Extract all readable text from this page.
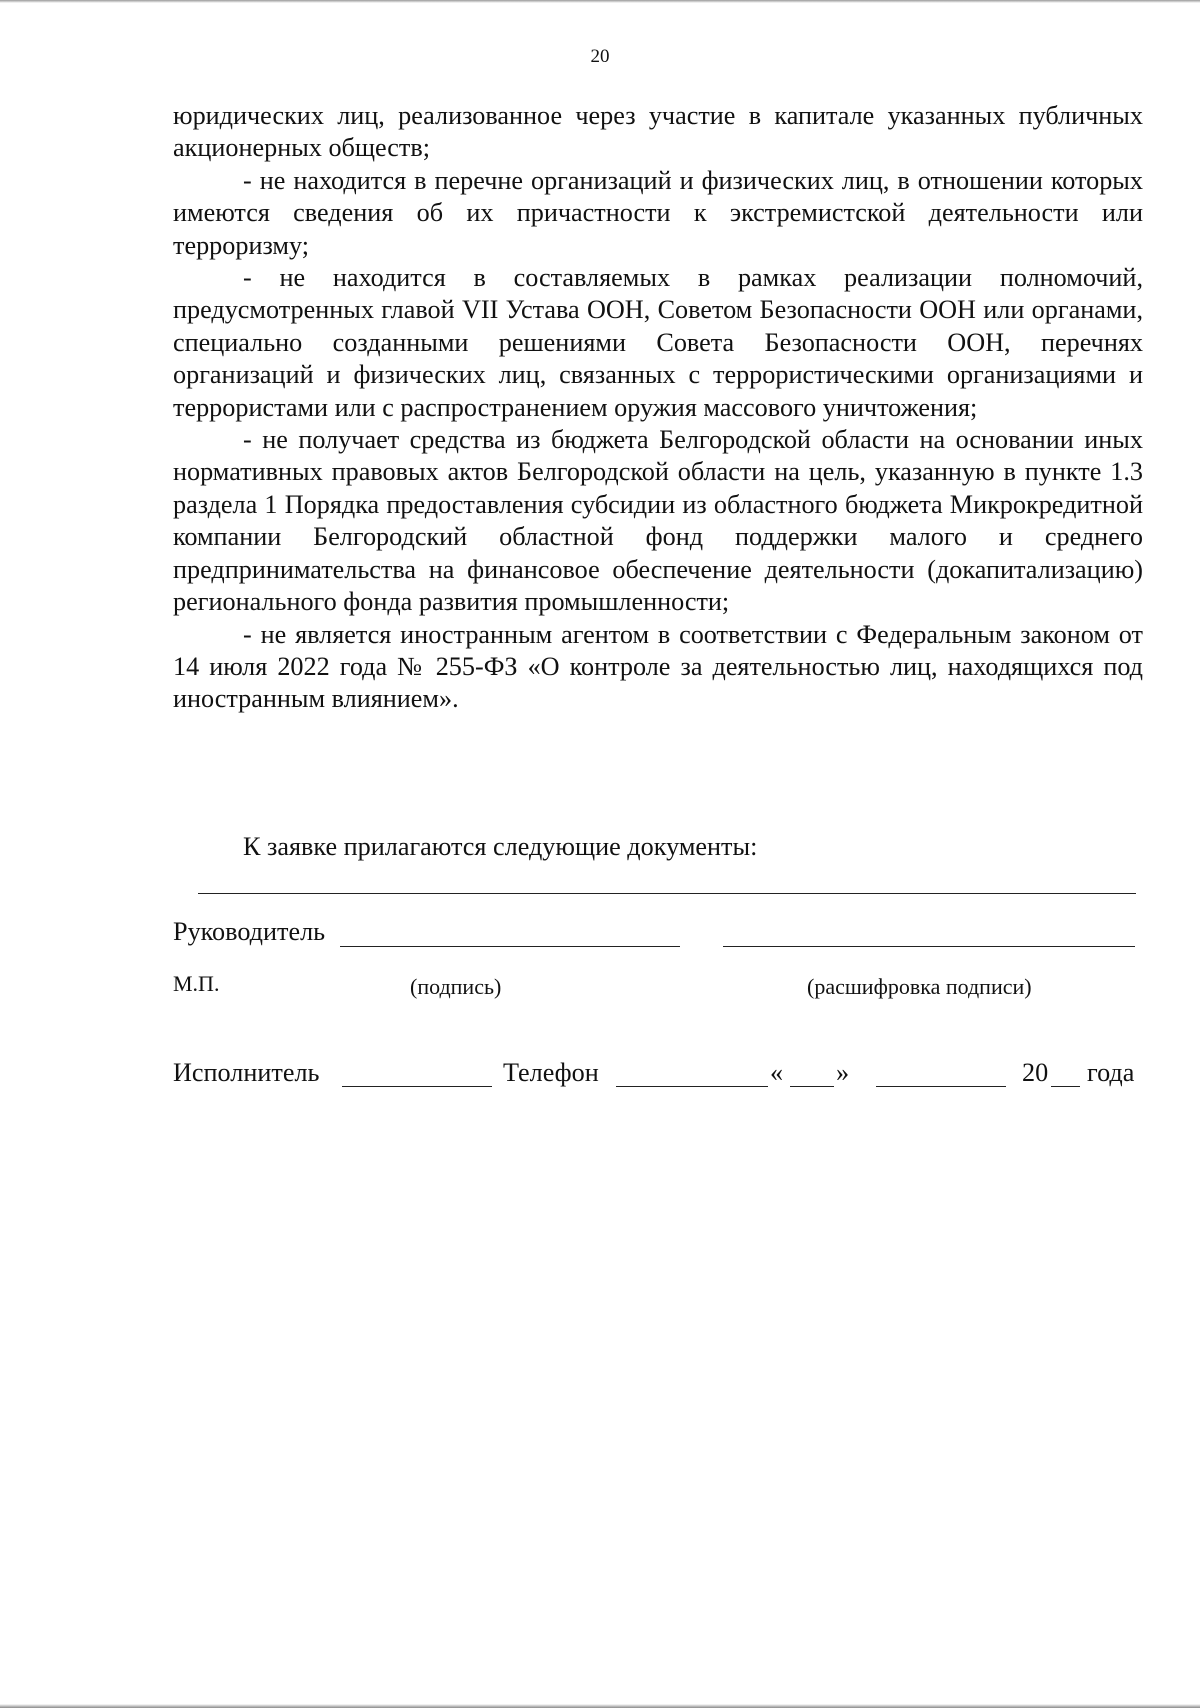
20

юридических лиц, реализованное через участие в капитале указанных публичных акционерных обществ;

- не находится в перечне организаций и физических лиц, в отношении которых имеются сведения об их причастности к экстремистской деятельности или терроризму;

- не находится в составляемых в рамках реализации полномочий, предусмотренных главой VII Устава ООН, Советом Безопасности ООН или органами, специально созданными решениями Совета Безопасности ООН, перечнях организаций и физических лиц, связанных с террористическими организациями и террористами или с распространением оружия массового уничтожения;

- не получает средства из бюджета Белгородской области на основании иных нормативных правовых актов Белгородской области на цель, указанную в пункте 1.3 раздела 1 Порядка предоставления субсидии из областного бюджета Микрокредитной компании Белгородский областной фонд поддержки малого и среднего предпринимательства на финансовое обеспечение деятельности (докапитализацию) регионального фонда развития промышленности;

- не является иностранным агентом в соответствии с Федеральным законом от 14 июля 2022 года № 255-ФЗ «О контроле за деятельностью лиц, находящихся под иностранным влиянием».

К заявке прилагаются следующие документы:
Руководитель
М.П.	(подпись)	(расшифровка подписи)
Исполнитель	Телефон	« »	20 года
